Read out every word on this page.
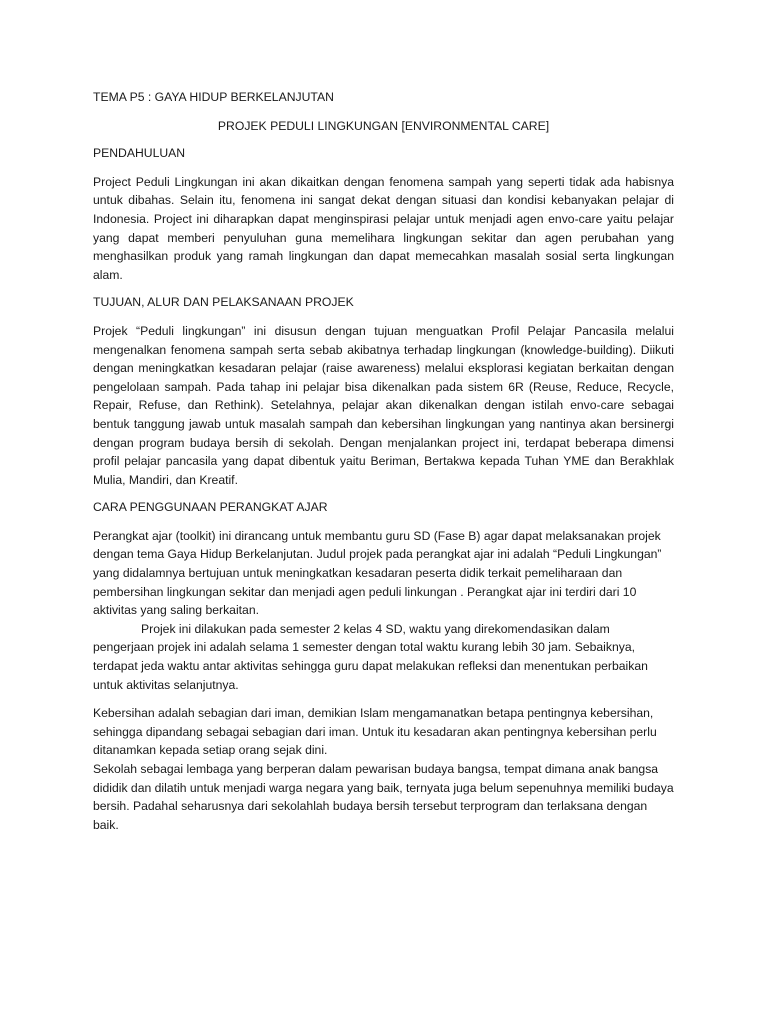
TEMA P5 : GAYA HIDUP BERKELANJUTAN

PROJEK PEDULI LINGKUNGAN [ENVIRONMENTAL CARE]

PENDAHULUAN

Project Peduli Lingkungan ini akan dikaitkan dengan fenomena sampah yang seperti tidak ada habisnya untuk dibahas. Selain itu, fenomena ini sangat dekat dengan situasi dan kondisi kebanyakan pelajar di Indonesia. Project ini diharapkan dapat menginspirasi pelajar untuk menjadi agen envo-care yaitu pelajar yang dapat memberi penyuluhan guna memelihara lingkungan sekitar dan agen perubahan yang menghasilkan produk yang ramah lingkungan dan dapat memecahkan masalah sosial serta lingkungan alam.

TUJUAN, ALUR DAN PELAKSANAAN PROJEK

Projek “Peduli lingkungan” ini disusun dengan tujuan menguatkan Profil Pelajar Pancasila melalui mengenalkan fenomena sampah serta sebab akibatnya terhadap lingkungan (knowledge-building). Diikuti dengan meningkatkan kesadaran pelajar (raise awareness) melalui eksplorasi kegiatan berkaitan dengan pengelolaan sampah. Pada tahap ini pelajar bisa dikenalkan pada sistem 6R (Reuse, Reduce, Recycle, Repair, Refuse, dan Rethink). Setelahnya, pelajar akan dikenalkan dengan istilah envo-care sebagai bentuk tanggung jawab untuk masalah sampah dan kebersihan lingkungan yang nantinya akan bersinergi dengan program budaya bersih di sekolah. Dengan menjalankan project ini, terdapat beberapa dimensi profil pelajar pancasila yang dapat dibentuk yaitu Beriman, Bertakwa kepada Tuhan YME dan Berakhlak Mulia, Mandiri, dan Kreatif.

CARA PENGGUNAAN PERANGKAT AJAR

Perangkat ajar (toolkit) ini dirancang untuk membantu guru SD (Fase B) agar dapat melaksanakan projek dengan tema Gaya Hidup Berkelanjutan. Judul projek pada perangkat ajar ini adalah “Peduli Lingkungan” yang didalamnya bertujuan untuk meningkatkan kesadaran peserta didik terkait pemeliharaan dan pembersihan lingkungan sekitar dan menjadi agen peduli linkungan . Perangkat ajar ini terdiri dari 10 aktivitas yang saling berkaitan.

Projek ini dilakukan pada semester 2 kelas 4 SD, waktu yang direkomendasikan dalam pengerjaan projek ini adalah selama 1 semester dengan total waktu kurang lebih 30 jam. Sebaiknya, terdapat jeda waktu antar aktivitas sehingga guru dapat melakukan refleksi dan menentukan perbaikan untuk aktivitas selanjutnya.

Kebersihan adalah sebagian dari iman, demikian Islam mengamanatkan betapa pentingnya kebersihan, sehingga dipandang sebagai sebagian dari iman. Untuk itu kesadaran akan pentingnya kebersihan perlu ditanamkan kepada setiap orang sejak dini.

Sekolah sebagai lembaga yang berperan dalam pewarisan budaya bangsa, tempat dimana anak bangsa dididik dan dilatih untuk menjadi warga negara yang baik, ternyata juga belum sepenuhnya memiliki budaya bersih. Padahal seharusnya dari sekolahlah budaya bersih tersebut terprogram dan terlaksana dengan baik.
